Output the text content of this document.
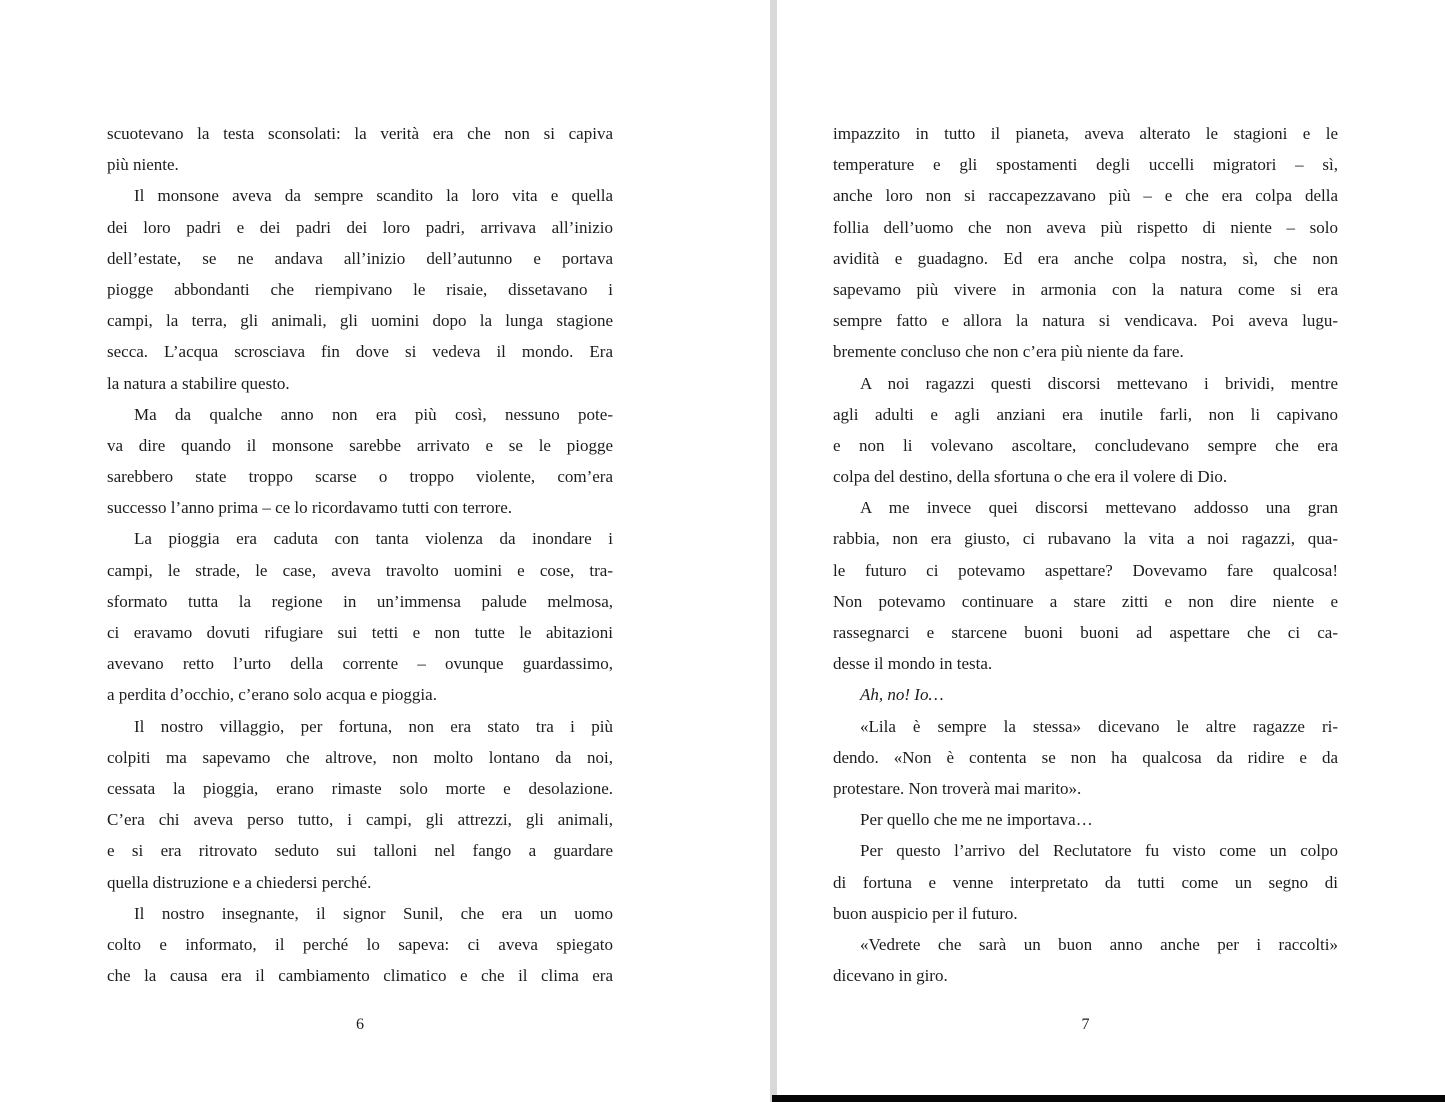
scuotevano la testa sconsolati: la verità era che non si capiva
più niente.
Il monsone aveva da sempre scandito la loro vita e quella
dei loro padri e dei padri dei loro padri, arrivava all’inizio
dell’estate, se ne andava all’inizio dell’autunno e portava
piogge abbondanti che riempivano le risaie, dissetavano i
campi, la terra, gli animali, gli uomini dopo la lunga stagione
secca. L’acqua scrosciava fin dove si vedeva il mondo. Era
la natura a stabilire questo.
Ma da qualche anno non era più così, nessuno pote-
va dire quando il monsone sarebbe arrivato e se le piogge
sarebbero state troppo scarse o troppo violente, com’era
successo l’anno prima – ce lo ricordavamo tutti con terrore.
La pioggia era caduta con tanta violenza da inondare i
campi, le strade, le case, aveva travolto uomini e cose, tra-
sformato tutta la regione in un’immensa palude melmosa,
ci eravamo dovuti rifugiare sui tetti e non tutte le abitazioni
avevano retto l’urto della corrente – ovunque guardassimo,
a perdita d’occhio, c’erano solo acqua e pioggia.
Il nostro villaggio, per fortuna, non era stato tra i più
colpiti ma sapevamo che altrove, non molto lontano da noi,
cessata la pioggia, erano rimaste solo morte e desolazione.
C’era chi aveva perso tutto, i campi, gli attrezzi, gli animali,
e si era ritrovato seduto sui talloni nel fango a guardare
quella distruzione e a chiedersi perché.
Il nostro insegnante, il signor Sunil, che era un uomo
colto e informato, il perché lo sapeva: ci aveva spiegato
che la causa era il cambiamento climatico e che il clima era
impazzito in tutto il pianeta, aveva alterato le stagioni e le
temperature e gli spostamenti degli uccelli migratori – sì,
anche loro non si raccapezzavano più – e che era colpa della
follia dell’uomo che non aveva più rispetto di niente – solo
avidità e guadagno. Ed era anche colpa nostra, sì, che non
sapevamo più vivere in armonia con la natura come si era
sempre fatto e allora la natura si vendicava. Poi aveva lugu-
bremente concluso che non c’era più niente da fare.
A noi ragazzi questi discorsi mettevano i brividi, mentre
agli adulti e agli anziani era inutile farli, non li capivano
e non li volevano ascoltare, concludevano sempre che era
colpa del destino, della sfortuna o che era il volere di Dio.
A me invece quei discorsi mettevano addosso una gran
rabbia, non era giusto, ci rubavano la vita a noi ragazzi, qua-
le futuro ci potevamo aspettare? Dovevamo fare qualcosa!
Non potevamo continuare a stare zitti e non dire niente e
rassegnarci e starcene buoni buoni ad aspettare che ci ca-
desse il mondo in testa.
Ah, no! Io…
«Lila è sempre la stessa» dicevano le altre ragazze ri-
dendo. «Non è contenta se non ha qualcosa da ridire e da
protestare. Non troverà mai marito».
Per quello che me ne importava…
Per questo l’arrivo del Reclutatore fu visto come un colpo
di fortuna e venne interpretato da tutti come un segno di
buon auspicio per il futuro.
«Vedrete che sarà un buon anno anche per i raccolti»
dicevano in giro.
6	7
